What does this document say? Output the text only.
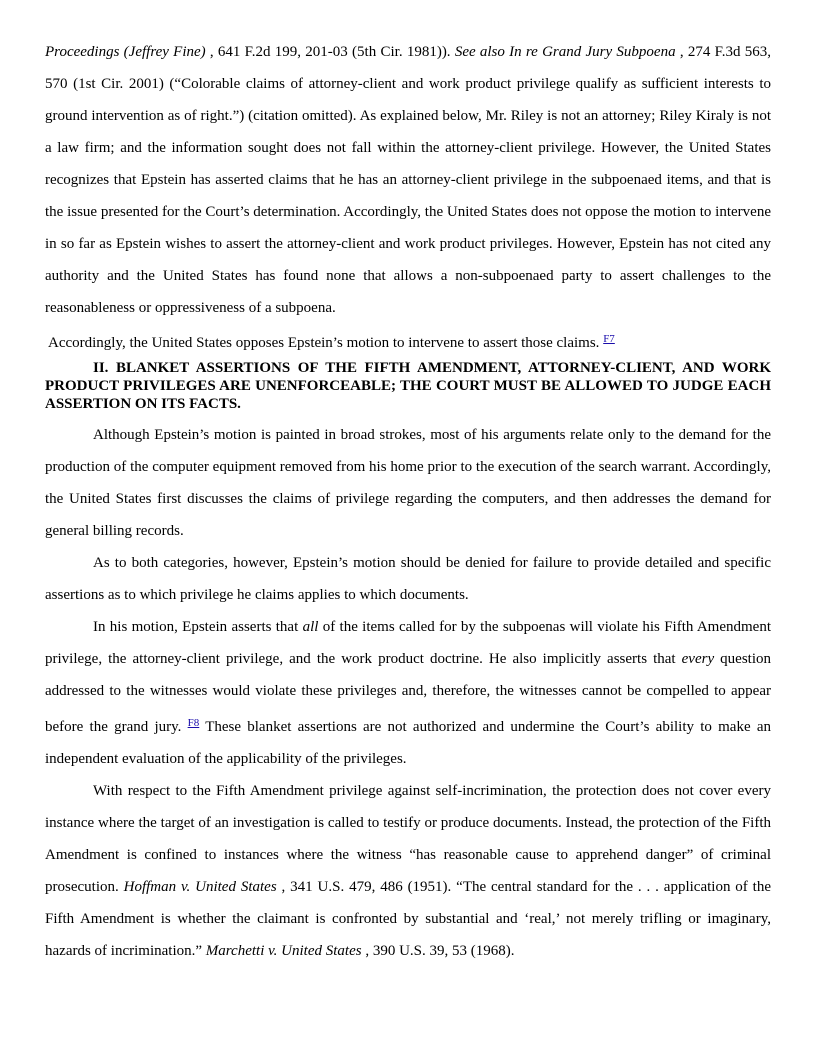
Proceedings (Jeffrey Fine) , 641 F.2d 199, 201-03 (5th Cir. 1981)). See also In re Grand Jury Subpoena , 274 F.3d 563, 570 (1st Cir. 2001) (“Colorable claims of attorney-client and work product privilege qualify as sufficient interests to ground intervention as of right.”) (citation omitted). As explained below, Mr. Riley is not an attorney; Riley Kiraly is not a law firm; and the information sought does not fall within the attorney-client privilege. However, the United States recognizes that Epstein has asserted claims that he has an attorney-client privilege in the subpoenaed items, and that is the issue presented for the Court’s determination. Accordingly, the United States does not oppose the motion to intervene in so far as Epstein wishes to assert the attorney-client and work product privileges. However, Epstein has not cited any authority and the United States has found none that allows a non-subpoenaed party to assert challenges to the reasonableness or oppressiveness of a subpoena.

Accordingly, the United States opposes Epstein’s motion to intervene to assert those claims. $^{F7}$

II. BLANKET ASSERTIONS OF THE FIFTH AMENDMENT, ATTORNEY-CLIENT, AND WORK PRODUCT PRIVILEGES ARE UNENFORCEABLE; THE COURT MUST BE ALLOWED TO JUDGE EACH ASSERTION ON ITS FACTS.

Although Epstein’s motion is painted in broad strokes, most of his arguments relate only to the demand for the production of the computer equipment removed from his home prior to the execution of the search warrant. Accordingly, the United States first discusses the claims of privilege regarding the computers, and then addresses the demand for general billing records.

As to both categories, however, Epstein’s motion should be denied for failure to provide detailed and specific assertions as to which privilege he claims applies to which documents.

In his motion, Epstein asserts that all of the items called for by the subpoenas will violate his Fifth Amendment privilege, the attorney-client privilege, and the work product doctrine. He also implicitly asserts that every question addressed to the witnesses would violate these privileges and, therefore, the witnesses cannot be compelled to appear before the grand jury. $^{F8}$ These blanket assertions are not authorized and undermine the Court’s ability to make an independent evaluation of the applicability of the privileges.

With respect to the Fifth Amendment privilege against self-incrimination, the protection does not cover every instance where the target of an investigation is called to testify or produce documents. Instead, the protection of the Fifth Amendment is confined to instances where the witness “has reasonable cause to apprehend danger” of criminal prosecution. Hoffman v. United States , 341 U.S. 479, 486 (1951). “The central standard for the . . . application of the Fifth Amendment is whether the claimant is confronted by substantial and ‘real,’ not merely trifling or imaginary, hazards of incrimination.” Marchetti v. United States , 390 U.S. 39, 53 (1968).
